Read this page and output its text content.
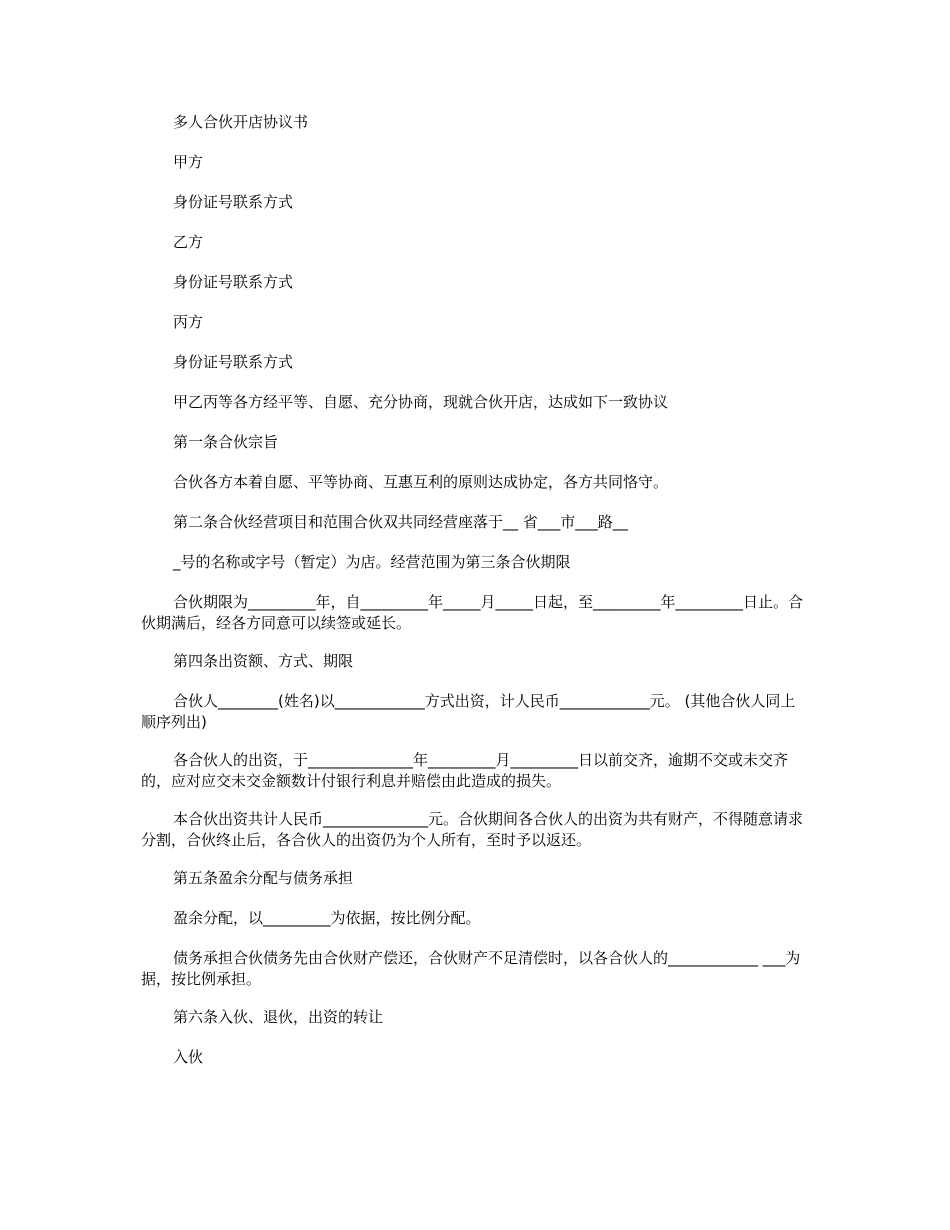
多人合伙开店协议书

甲方

身份证号联系方式

乙方

身份证号联系方式

丙方

身份证号联系方式

甲乙丙等各方经平等、自愿、充分协商，现就合伙开店，达成如下一致协议

第一条合伙宗旨

合伙各方本着自愿、平等协商、互惠互利的原则达成协定，各方共同恪守。

第二条合伙经营项目和范围合伙双共同经营座落于__ 省___市___路__

_号的名称或字号（暂定）为店。经营范围为第三条合伙期限

合伙期限为_________年，自_________年_____月_____日起，至_________年_________日止。合伙期满后，经各方同意可以续签或延长。

第四条出资额、方式、期限

合伙人________(姓名)以____________方式出资，计人民币____________元。 (其他合伙人同上顺序列出)

各合伙人的出资，于______________年_________月_________日以前交齐，逾期不交或未交齐的，应对应交未交金额数计付银行利息并赔偿由此造成的损失。

本合伙出资共计人民币______________元。合伙期间各合伙人的出资为共有财产，不得随意请求分割，合伙终止后，各合伙人的出资仍为个人所有，至时予以返还。

第五条盈余分配与债务承担

盈余分配，以_________为依据，按比例分配。

债务承担合伙债务先由合伙财产偿还，合伙财产不足清偿时，以各合伙人的____________ ___为据，按比例承担。

第六条入伙、退伙，出资的转让

入伙
